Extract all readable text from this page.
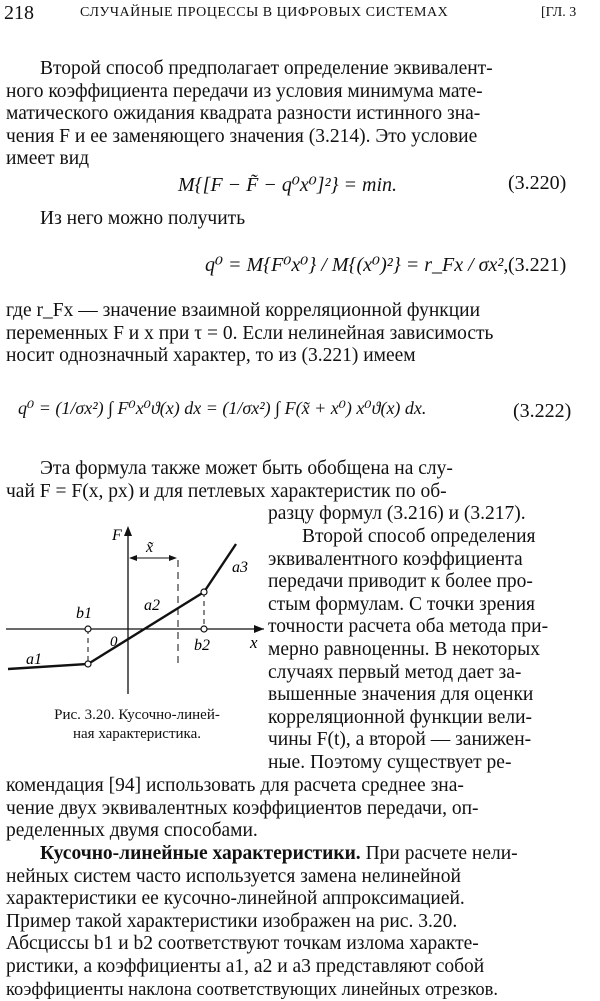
218	СЛУЧАЙНЫЕ ПРОЦЕССЫ В ЦИФРОВЫХ СИСТЕМАХ	[ГЛ. 3
Второй способ предполагает определение эквивалент-
ного коэффициента передачи из условия минимума мате-
матического ожидания квадрата разности истинного зна-
чения F и ее заменяющего значения (3.214). Это условие
имеет вид
M{[F − F̃ − q⁰x⁰]²} = min.	(3.220)
Из него можно получить
q⁰ = M{F⁰x⁰} / M{(x⁰)²} = r_Fx / σx², (3.221)
где r_Fx — значение взаимной корреляционной функции
переменных F и x при τ = 0. Если нелинейная зависимость
носит однозначный характер, то из (3.221) имеем
q⁰ = (1/σx²) ∫ F⁰x⁰ϑ(x) dx = (1/σx²) ∫ F(x̃ + x⁰) x⁰ϑ(x) dx.	(3.222)
Эта формула также может быть обобщена на слу-
чай F = F(x, px) и для петлевых характеристик по об-
разцу формул (3.216) и (3.217).
F
x
0
x̃
b1
b2
a1
a2
a3
Рис. 3.20. Кусочно-линей-
ная характеристика.
Второй способ определения
эквивалентного коэффициента
передачи приводит к более про-
стым формулам. С точки зрения
точности расчета оба метода при-
мерно равноценны. В некоторых
случаях первый метод дает за-
вышенные значения для оценки
корреляционной функции вели-
чины F(t), а второй — занижен-
ные. Поэтому существует ре-
комендация [94] использовать для расчета среднее зна-
чение двух эквивалентных коэффициентов передачи, оп-
ределенных двумя способами.
Кусочно-линейные характеристики. При расчете нели-
нейных систем часто используется замена нелинейной
характеристики ее кусочно-линейной аппроксимацией.
Пример такой характеристики изображен на рис. 3.20.
Абсциссы b1 и b2 соответствуют точкам излома характе-
ристики, а коэффициенты a1, a2 и a3 представляют собой
коэффициенты наклона соответствующих линейных отрезков.
